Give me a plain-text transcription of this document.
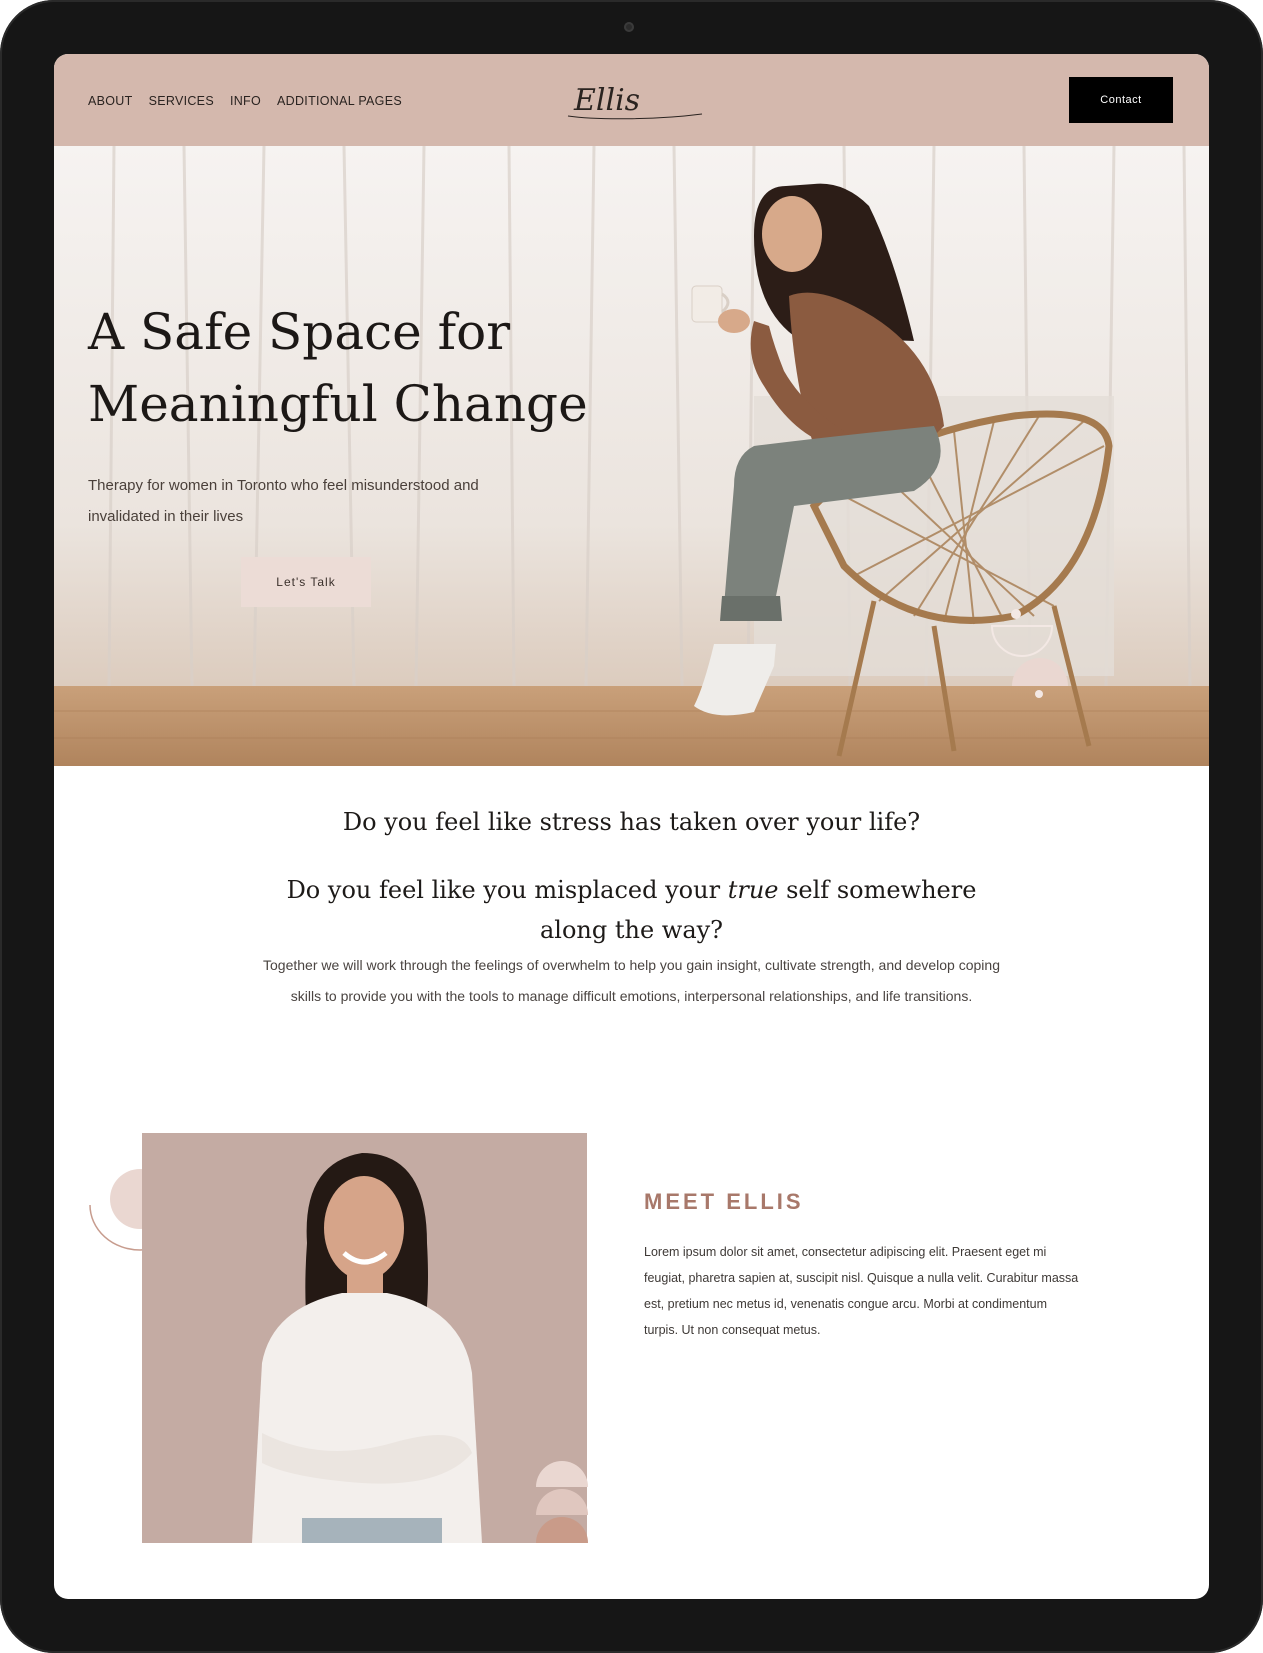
ABOUT SERVICES INFO ADDITIONAL PAGES	Ellis	Contact
A Safe Space for
Meaningful Change
Therapy for women in Toronto who feel misunderstood and invalidated in their lives
Let's Talk
Do you feel like stress has taken over your life?
Do you feel like you misplaced your true self somewhere along the way?
Together we will work through the feelings of overwhelm to help you gain insight, cultivate strength, and develop coping skills to provide you with the tools to manage difficult emotions, interpersonal relationships, and life transitions.
MEET ELLIS
Lorem ipsum dolor sit amet, consectetur adipiscing elit. Praesent eget mi feugiat, pharetra sapien at, suscipit nisl. Quisque a nulla velit. Curabitur massa est, pretium nec metus id, venenatis congue arcu. Morbi at condimentum turpis. Ut non consequat metus.
